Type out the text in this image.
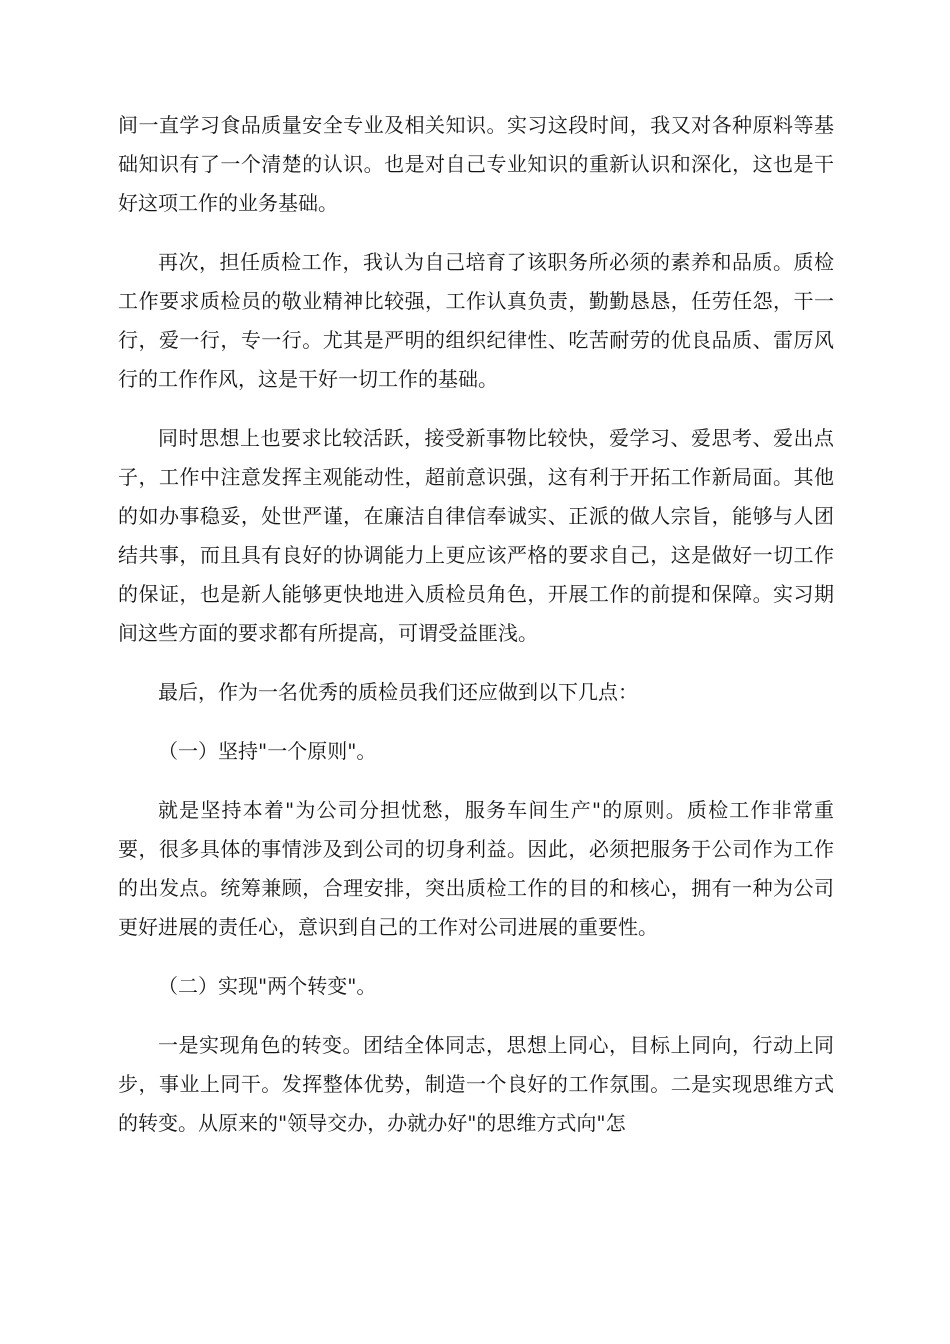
间一直学习食品质量安全专业及相关知识。实习这段时间，我又对各种原料等基础知识有了一个清楚的认识。也是对自己专业知识的重新认识和深化，这也是干好这项工作的业务基础。

再次，担任质检工作，我认为自己培育了该职务所必须的素养和品质。质检工作要求质检员的敬业精神比较强，工作认真负责，勤勤恳恳，任劳任怨，干一行，爱一行，专一行。尤其是严明的组织纪律性、吃苦耐劳的优良品质、雷厉风行的工作作风，这是干好一切工作的基础。

同时思想上也要求比较活跃，接受新事物比较快，爱学习、爱思考、爱出点子，工作中注意发挥主观能动性，超前意识强，这有利于开拓工作新局面。其他的如办事稳妥，处世严谨，在廉洁自律信奉诚实、正派的做人宗旨，能够与人团结共事，而且具有良好的协调能力上更应该严格的要求自己，这是做好一切工作的保证，也是新人能够更快地进入质检员角色，开展工作的前提和保障。实习期间这些方面的要求都有所提高，可谓受益匪浅。

最后，作为一名优秀的质检员我们还应做到以下几点：

（一）坚持"一个原则"。

就是坚持本着"为公司分担忧愁，服务车间生产"的原则。质检工作非常重要，很多具体的事情涉及到公司的切身利益。因此，必须把服务于公司作为工作的出发点。统筹兼顾，合理安排，突出质检工作的目的和核心，拥有一种为公司更好进展的责任心，意识到自己的工作对公司进展的重要性。

（二）实现"两个转变"。

一是实现角色的转变。团结全体同志，思想上同心，目标上同向，行动上同步，事业上同干。发挥整体优势，制造一个良好的工作氛围。二是实现思维方式的转变。从原来的"领导交办，办就办好"的思维方式向"怎
